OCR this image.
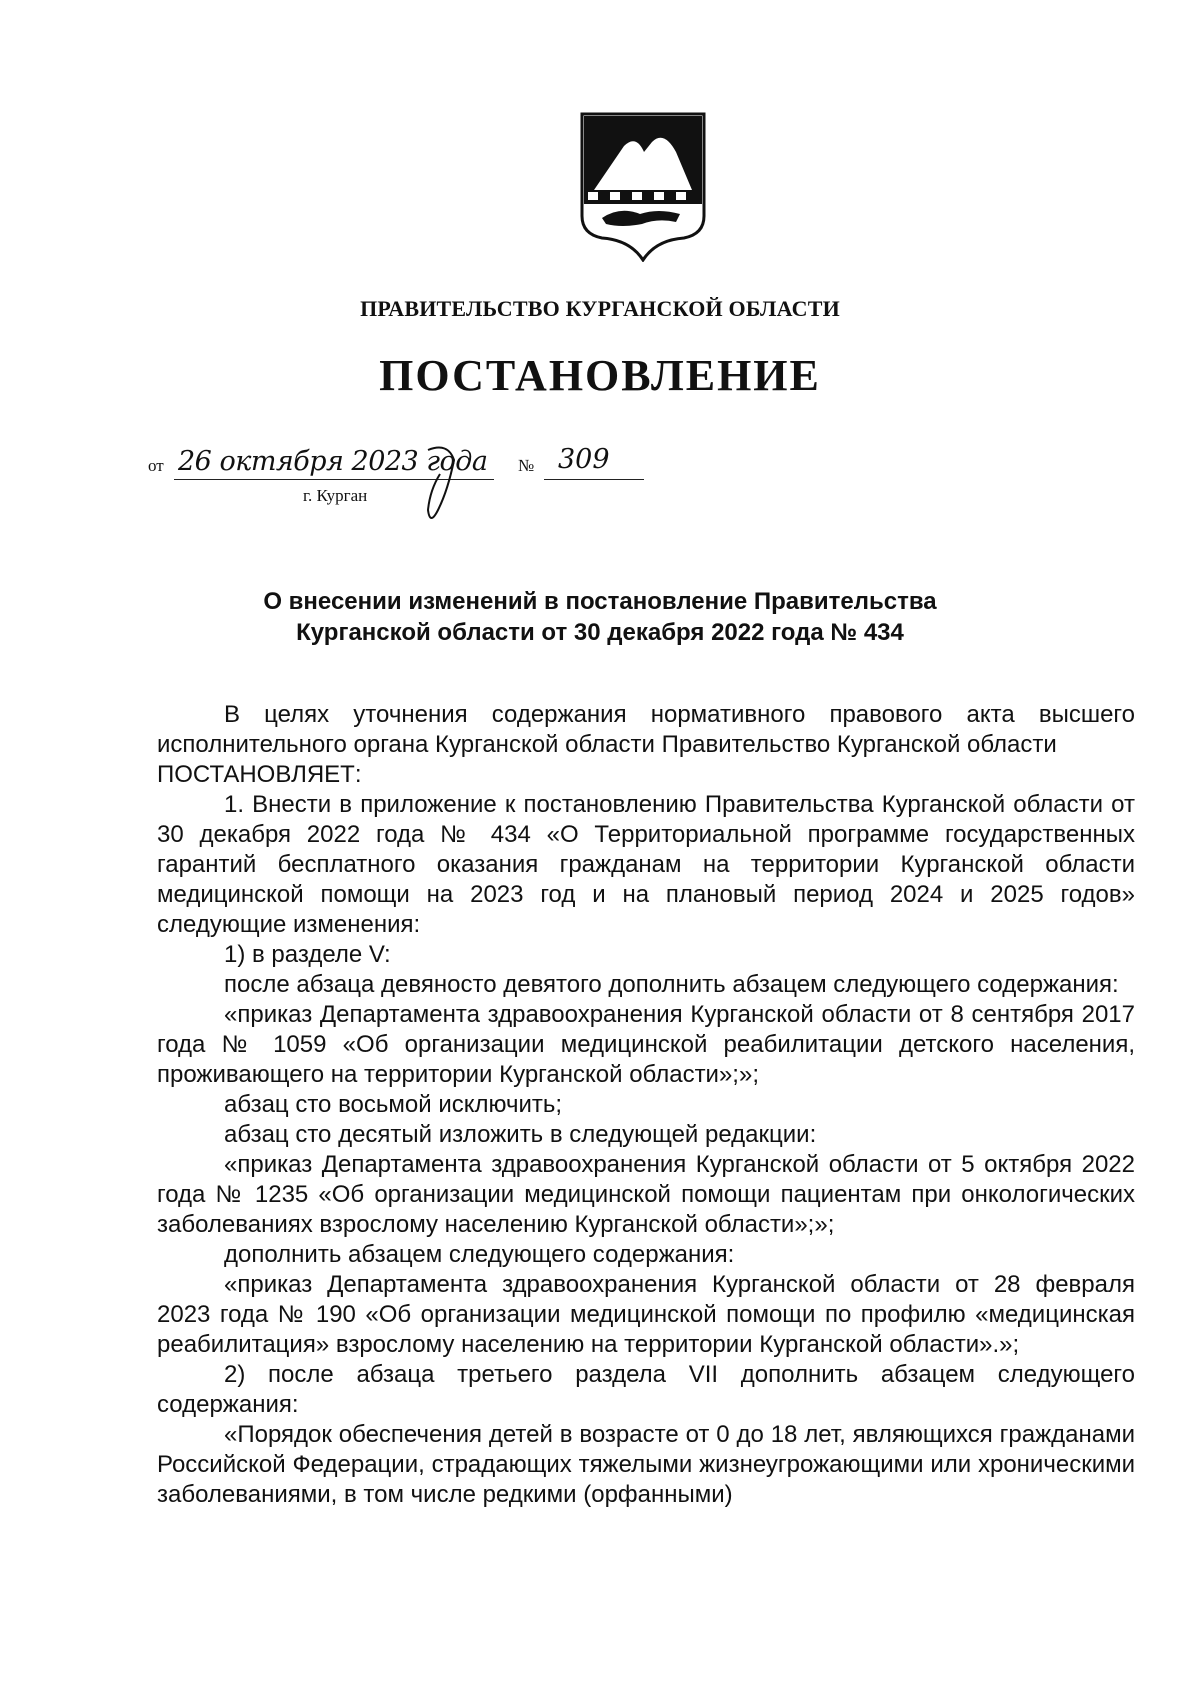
ПРАВИТЕЛЬСТВО КУРГАНСКОЙ ОБЛАСТИ
ПОСТАНОВЛЕНИЕ
от 26 октября 2023 года № 309
г. Курган
О внесении изменений в постановление Правительства
Курганской области от 30 декабря 2022 года № 434

В целях уточнения содержания нормативного правового акта высшего исполнительного органа Курганской области Правительство Курганской области

ПОСТАНОВЛЯЕТ:

1. Внести в приложение к постановлению Правительства Курганской области от 30 декабря 2022 года № 434 «О Территориальной программе государственных гарантий бесплатного оказания гражданам на территории Курганской области медицинской помощи на 2023 год и на плановый период 2024 и 2025 годов» следующие изменения:

1) в разделе V:

после абзаца девяносто девятого дополнить абзацем следующего содержания:

«приказ Департамента здравоохранения Курганской области от 8 сентября 2017 года № 1059 «Об организации медицинской реабилитации детского населения, проживающего на территории Курганской области»;»;

абзац сто восьмой исключить;

абзац сто десятый изложить в следующей редакции:

«приказ Департамента здравоохранения Курганской области от 5 октября 2022 года № 1235 «Об организации медицинской помощи пациентам при онкологических заболеваниях взрослому населению Курганской области»;»;

дополнить абзацем следующего содержания:

«приказ Департамента здравоохранения Курганской области от 28 февраля 2023 года № 190 «Об организации медицинской помощи по профилю «медицинская реабилитация» взрослому населению на территории Курганской области».»;

2) после абзаца третьего раздела VII дополнить абзацем следующего содержания:

«Порядок обеспечения детей в возрасте от 0 до 18 лет, являющихся гражданами Российской Федерации, страдающих тяжелыми жизнеугрожающими или хроническими заболеваниями, в том числе редкими (орфанными)
